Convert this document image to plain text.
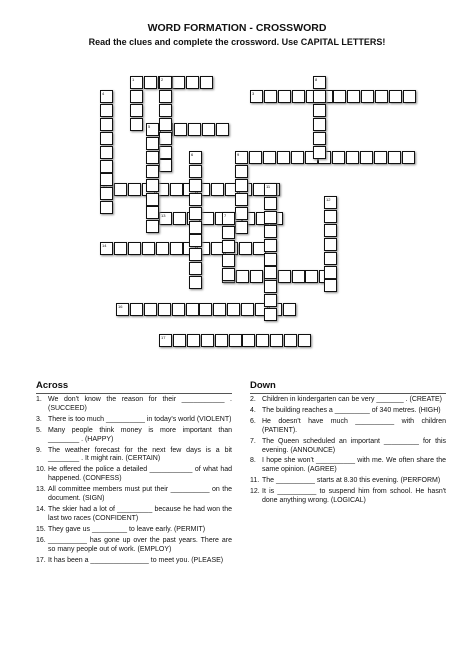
WORD FORMATION - CROSSWORD
Read the clues and complete the crossword. Use CAPITAL LETTERS!
1
3
5
9
13
14
16
17
2
4
8
6
11
12
7
Across
1. We don't know the reason for their ___________ . (SUCCEED)
3. There is too much __________ in today's world (VIOLENT)
5. Many people think money is more important than ________ . (HAPPY)
9. The weather forecast for the next few days is a bit ________ . It might rain. (CERTAIN)
10. He offered the police a detailed ___________ of what had happened. (CONFESS)
13. All committee members must put their __________ on the document. (SIGN)
14. The skier had a lot of _________ because he had won the last two races (CONFIDENT)
15. They gave us _________ to leave early. (PERMIT)
16. __________ has gone up over the past years. There are so many people out of work. (EMPLOY)
17. It has been a _______________ to meet you. (PLEASE)
Down
2. Children in kindergarten can be very _______ . (CREATE)
4. The building reaches a _________ of 340 metres. (HIGH)
6. He doesn't have much __________ with children (PATIENT).
7. The Queen scheduled an important _________ for this evening. (ANNOUNCE)
8. I hope she won't __________ with me. We often share the same opinion. (AGREE)
11. The __________ starts at 8.30 this evening. (PERFORM)
12. It is __________ to suspend him from school. He hasn't done anything wrong. (LOGICAL)
